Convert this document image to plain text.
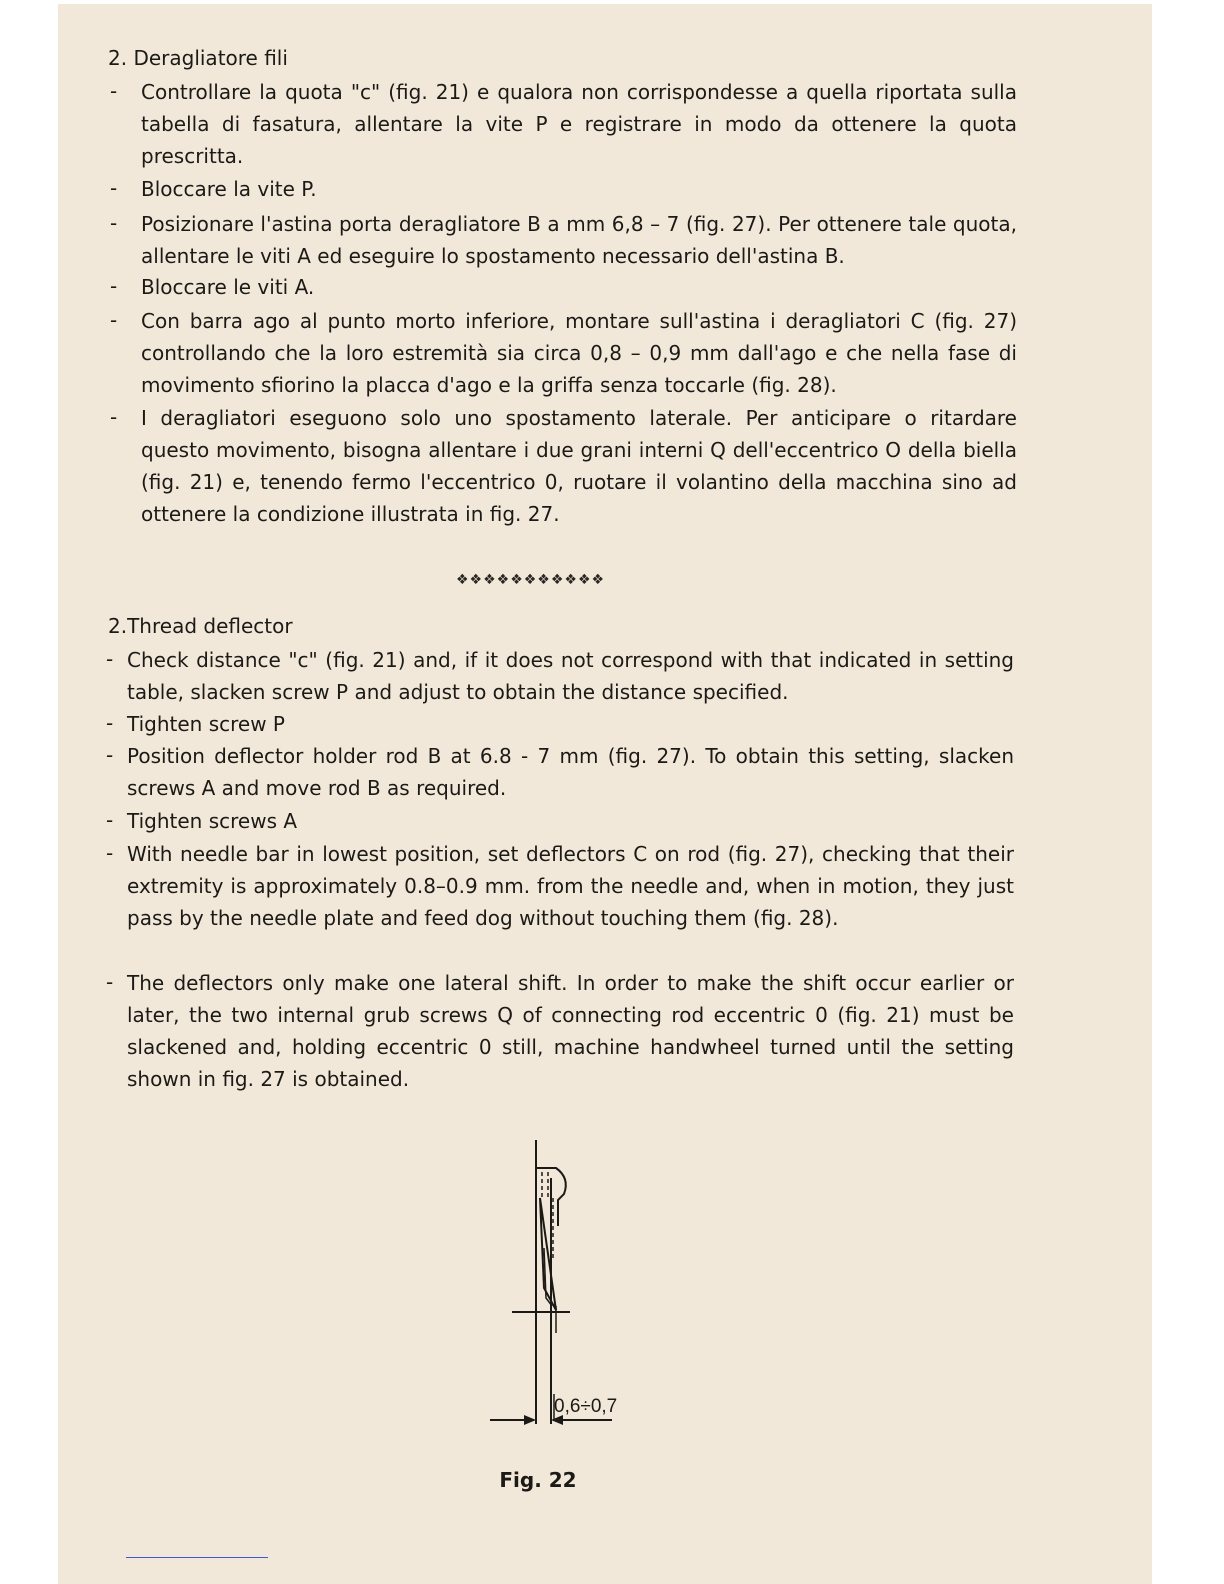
2. Deragliatore fili
- Controllare la quota "c" (fig. 21) e qualora non corrispondesse a quella riportata sulla tabella di fasatura, allentare la vite P e registrare in modo da ottenere la quota prescritta.
- Bloccare la vite P.
- Posizionare l'astina porta deragliatore B a mm 6,8 – 7 (fig. 27). Per ottenere tale quota, allentare le viti A ed eseguire lo spostamento necessario dell'astina B.
- Bloccare le viti A.
- Con barra ago al punto morto inferiore, montare sull'astina i deragliatori C (fig. 27) controllando che la loro estremità sia circa 0,8 – 0,9 mm dall'ago e che nella fase di movimento sfiorino la placca d'ago e la griffa senza toccarle (fig. 28).
- I deragliatori eseguono solo uno spostamento laterale. Per anticipare o ritardare questo movimento, bisogna allentare i due grani interni Q dell'eccentrico O della biella (fig. 21) e, tenendo fermo l'eccentrico 0, ruotare il volantino della macchina sino ad ottenere la condizione illustrata in fig. 27.
❖❖❖❖❖❖❖❖❖❖❖
2.Thread deflector
- Check distance "c" (fig. 21) and, if it does not correspond with that indicated in setting table, slacken screw P and adjust to obtain the distance specified.
- Tighten screw P
- Position deflector holder rod B at 6.8 - 7 mm (fig. 27). To obtain this setting, slacken screws A and move rod B as required.
- Tighten screws A
- With needle bar in lowest position, set deflectors C on rod (fig. 27), checking that their extremity is approximately 0.8–0.9 mm. from the needle and, when in motion, they just pass by the needle plate and feed dog without touching them (fig. 28).
- The deflectors only make one lateral shift. In order to make the shift occur earlier or later, the two internal grub screws Q of connecting rod eccentric 0 (fig. 21) must be slackened and, holding eccentric 0 still, machine handwheel turned until the setting shown in fig. 27 is obtained.
0,6÷0,7
Fig. 22
